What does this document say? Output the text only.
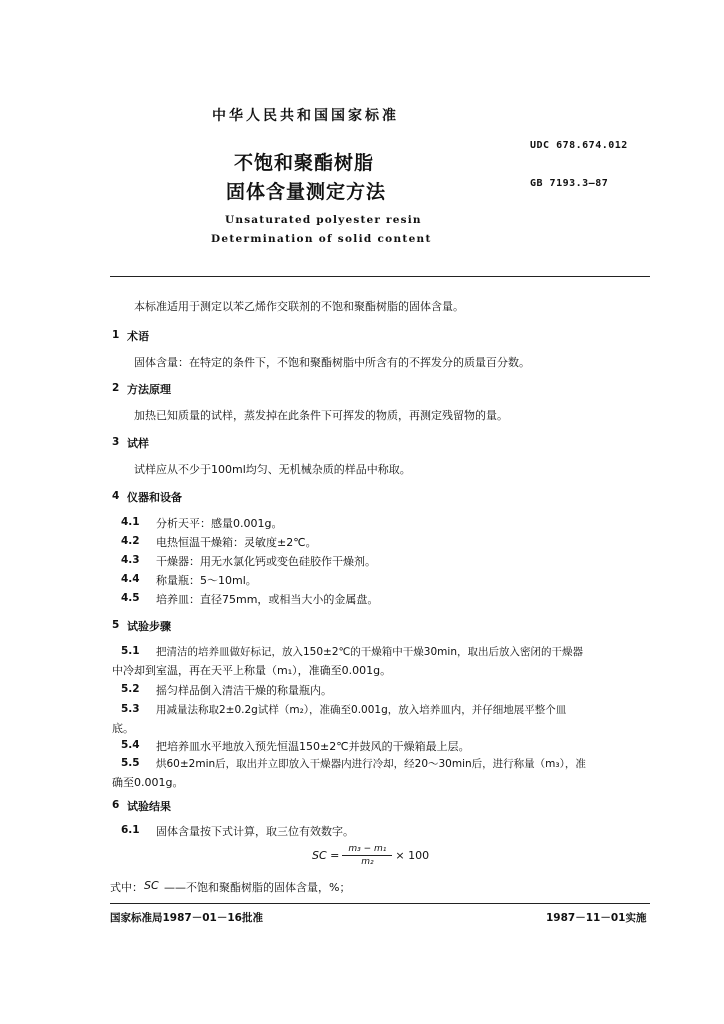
中华人民共和国国家标准
UDC 678.674.012
不饱和聚酯树脂
固体含量测定方法	GB 7193.3—87
Unsaturated polyester resin
Determination of solid content
本标准适用于测定以苯乙烯作交联剂的不饱和聚酯树脂的固体含量。
1 术语
固体含量：在特定的条件下，不饱和聚酯树脂中所含有的不挥发分的质量百分数。
2 方法原理
加热已知质量的试样，蒸发掉在此条件下可挥发的物质，再测定残留物的量。
3 试样
试样应从不少于100ml均匀、无机械杂质的样品中称取。
4 仪器和设备
4.1 分析天平：感量0.001g。
4.2 电热恒温干燥箱：灵敏度±2℃。
4.3 干燥器：用无水氯化钙或变色硅胶作干燥剂。
4.4 称量瓶：5～10ml。
4.5 培养皿：直径75mm，或相当大小的金属盘。
5 试验步骤
5.1 把清洁的培养皿做好标记，放入150±2℃的干燥箱中干燥30min，取出后放入密闭的干燥器
中冷却到室温，再在天平上称量（m₁），准确至0.001g。
5.2 摇匀样品倒入清洁干燥的称量瓶内。
5.3 用减量法称取2±0.2g试样（m₂），准确至0.001g，放入培养皿内，并仔细地展平整个皿
底。
5.4 把培养皿水平地放入预先恒温150±2℃并鼓风的干燥箱最上层。
5.5 烘60±2min后，取出并立即放入干燥器内进行冷却，经20～30min后，进行称量（m₃），准
确至0.001g。
6 试验结果
6.1 固体含量按下式计算，取三位有效数字。
SC = $\frac{\text{m₃ − m₁}}{\text{m₂}} \times 100$
式中： SC ——不饱和聚酯树脂的固体含量，%；
国家标准局1987－01－16批准	1987－11－01实施
